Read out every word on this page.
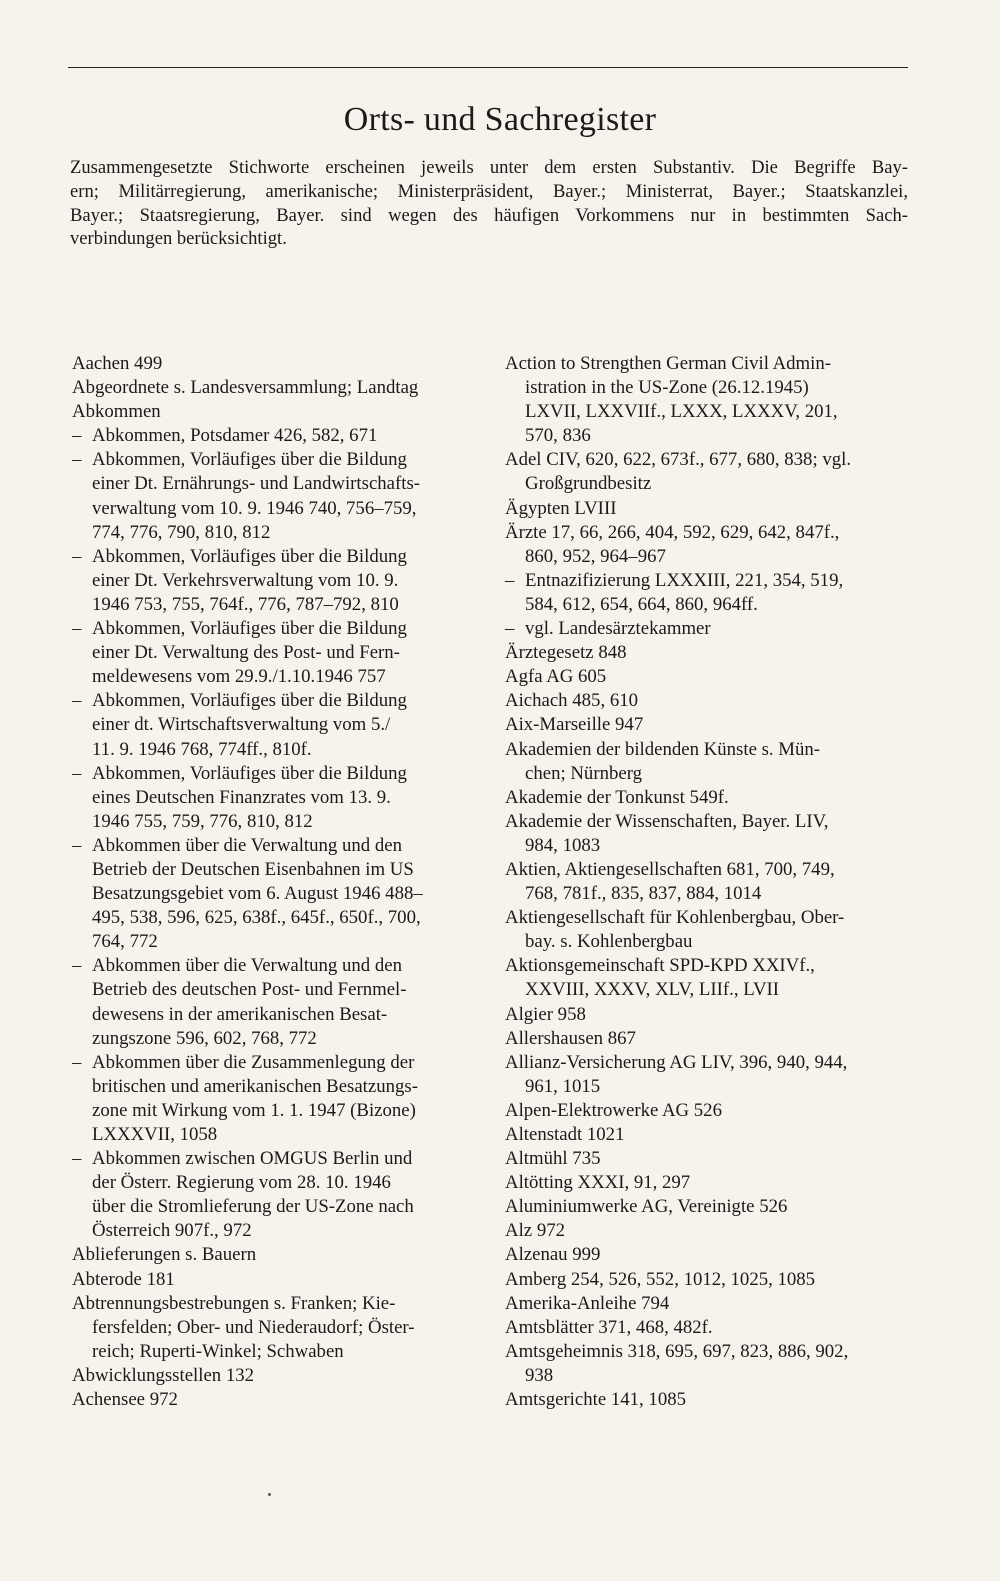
Orts- und Sachregister
Zusammengesetzte Stichworte erscheinen jeweils unter dem ersten Substantiv. Die Begriffe Bay-
ern; Militärregierung, amerikanische; Ministerpräsident, Bayer.; Ministerrat, Bayer.; Staatskanzlei,
Bayer.; Staatsregierung, Bayer. sind wegen des häufigen Vorkommens nur in bestimmten Sach-
verbindungen berücksichtigt.
Aachen 499
Abgeordnete s. Landesversammlung; Landtag
Abkommen
– Abkommen, Potsdamer 426, 582, 671
– Abkommen, Vorläufiges über die Bildung
einer Dt. Ernährungs- und Landwirtschafts-
verwaltung vom 10. 9. 1946 740, 756–759,
774, 776, 790, 810, 812
– Abkommen, Vorläufiges über die Bildung
einer Dt. Verkehrsverwaltung vom 10. 9.
1946 753, 755, 764f., 776, 787–792, 810
– Abkommen, Vorläufiges über die Bildung
einer Dt. Verwaltung des Post- und Fern-
meldewesens vom 29.9./1.10.1946 757
– Abkommen, Vorläufiges über die Bildung
einer dt. Wirtschaftsverwaltung vom 5./
11. 9. 1946 768, 774ff., 810f.
– Abkommen, Vorläufiges über die Bildung
eines Deutschen Finanzrates vom 13. 9.
1946 755, 759, 776, 810, 812
– Abkommen über die Verwaltung und den
Betrieb der Deutschen Eisenbahnen im US
Besatzungsgebiet vom 6. August 1946 488–
495, 538, 596, 625, 638f., 645f., 650f., 700,
764, 772
– Abkommen über die Verwaltung und den
Betrieb des deutschen Post- und Fernmel-
dewesens in der amerikanischen Besat-
zungszone 596, 602, 768, 772
– Abkommen über die Zusammenlegung der
britischen und amerikanischen Besatzungs-
zone mit Wirkung vom 1. 1. 1947 (Bizone)
LXXXVII, 1058
– Abkommen zwischen OMGUS Berlin und
der Österr. Regierung vom 28. 10. 1946
über die Stromlieferung der US-Zone nach
Österreich 907f., 972
Ablieferungen s. Bauern
Abterode 181
Abtrennungsbestrebungen s. Franken; Kie-
fersfelden; Ober- und Niederaudorf; Öster-
reich; Ruperti-Winkel; Schwaben
Abwicklungsstellen 132
Achensee 972
Action to Strengthen German Civil Admin-
istration in the US-Zone (26.12.1945)
LXVII, LXXVIIf., LXXX, LXXXV, 201,
570, 836
Adel CIV, 620, 622, 673f., 677, 680, 838; vgl.
Großgrundbesitz
Ägypten LVIII
Ärzte 17, 66, 266, 404, 592, 629, 642, 847f.,
860, 952, 964–967
– Entnazifizierung LXXXIII, 221, 354, 519,
584, 612, 654, 664, 860, 964ff.
– vgl. Landesärztekammer
Ärztegesetz 848
Agfa AG 605
Aichach 485, 610
Aix-Marseille 947
Akademien der bildenden Künste s. Mün-
chen; Nürnberg
Akademie der Tonkunst 549f.
Akademie der Wissenschaften, Bayer. LIV,
984, 1083
Aktien, Aktiengesellschaften 681, 700, 749,
768, 781f., 835, 837, 884, 1014
Aktiengesellschaft für Kohlenbergbau, Ober-
bay. s. Kohlenbergbau
Aktionsgemeinschaft SPD-KPD XXIVf.,
XXVIII, XXXV, XLV, LIIf., LVII
Algier 958
Allershausen 867
Allianz-Versicherung AG LIV, 396, 940, 944,
961, 1015
Alpen-Elektrowerke AG 526
Altenstadt 1021
Altmühl 735
Altötting XXXI, 91, 297
Aluminiumwerke AG, Vereinigte 526
Alz 972
Alzenau 999
Amberg 254, 526, 552, 1012, 1025, 1085
Amerika-Anleihe 794
Amtsblätter 371, 468, 482f.
Amtsgeheimnis 318, 695, 697, 823, 886, 902,
938
Amtsgerichte 141, 1085
